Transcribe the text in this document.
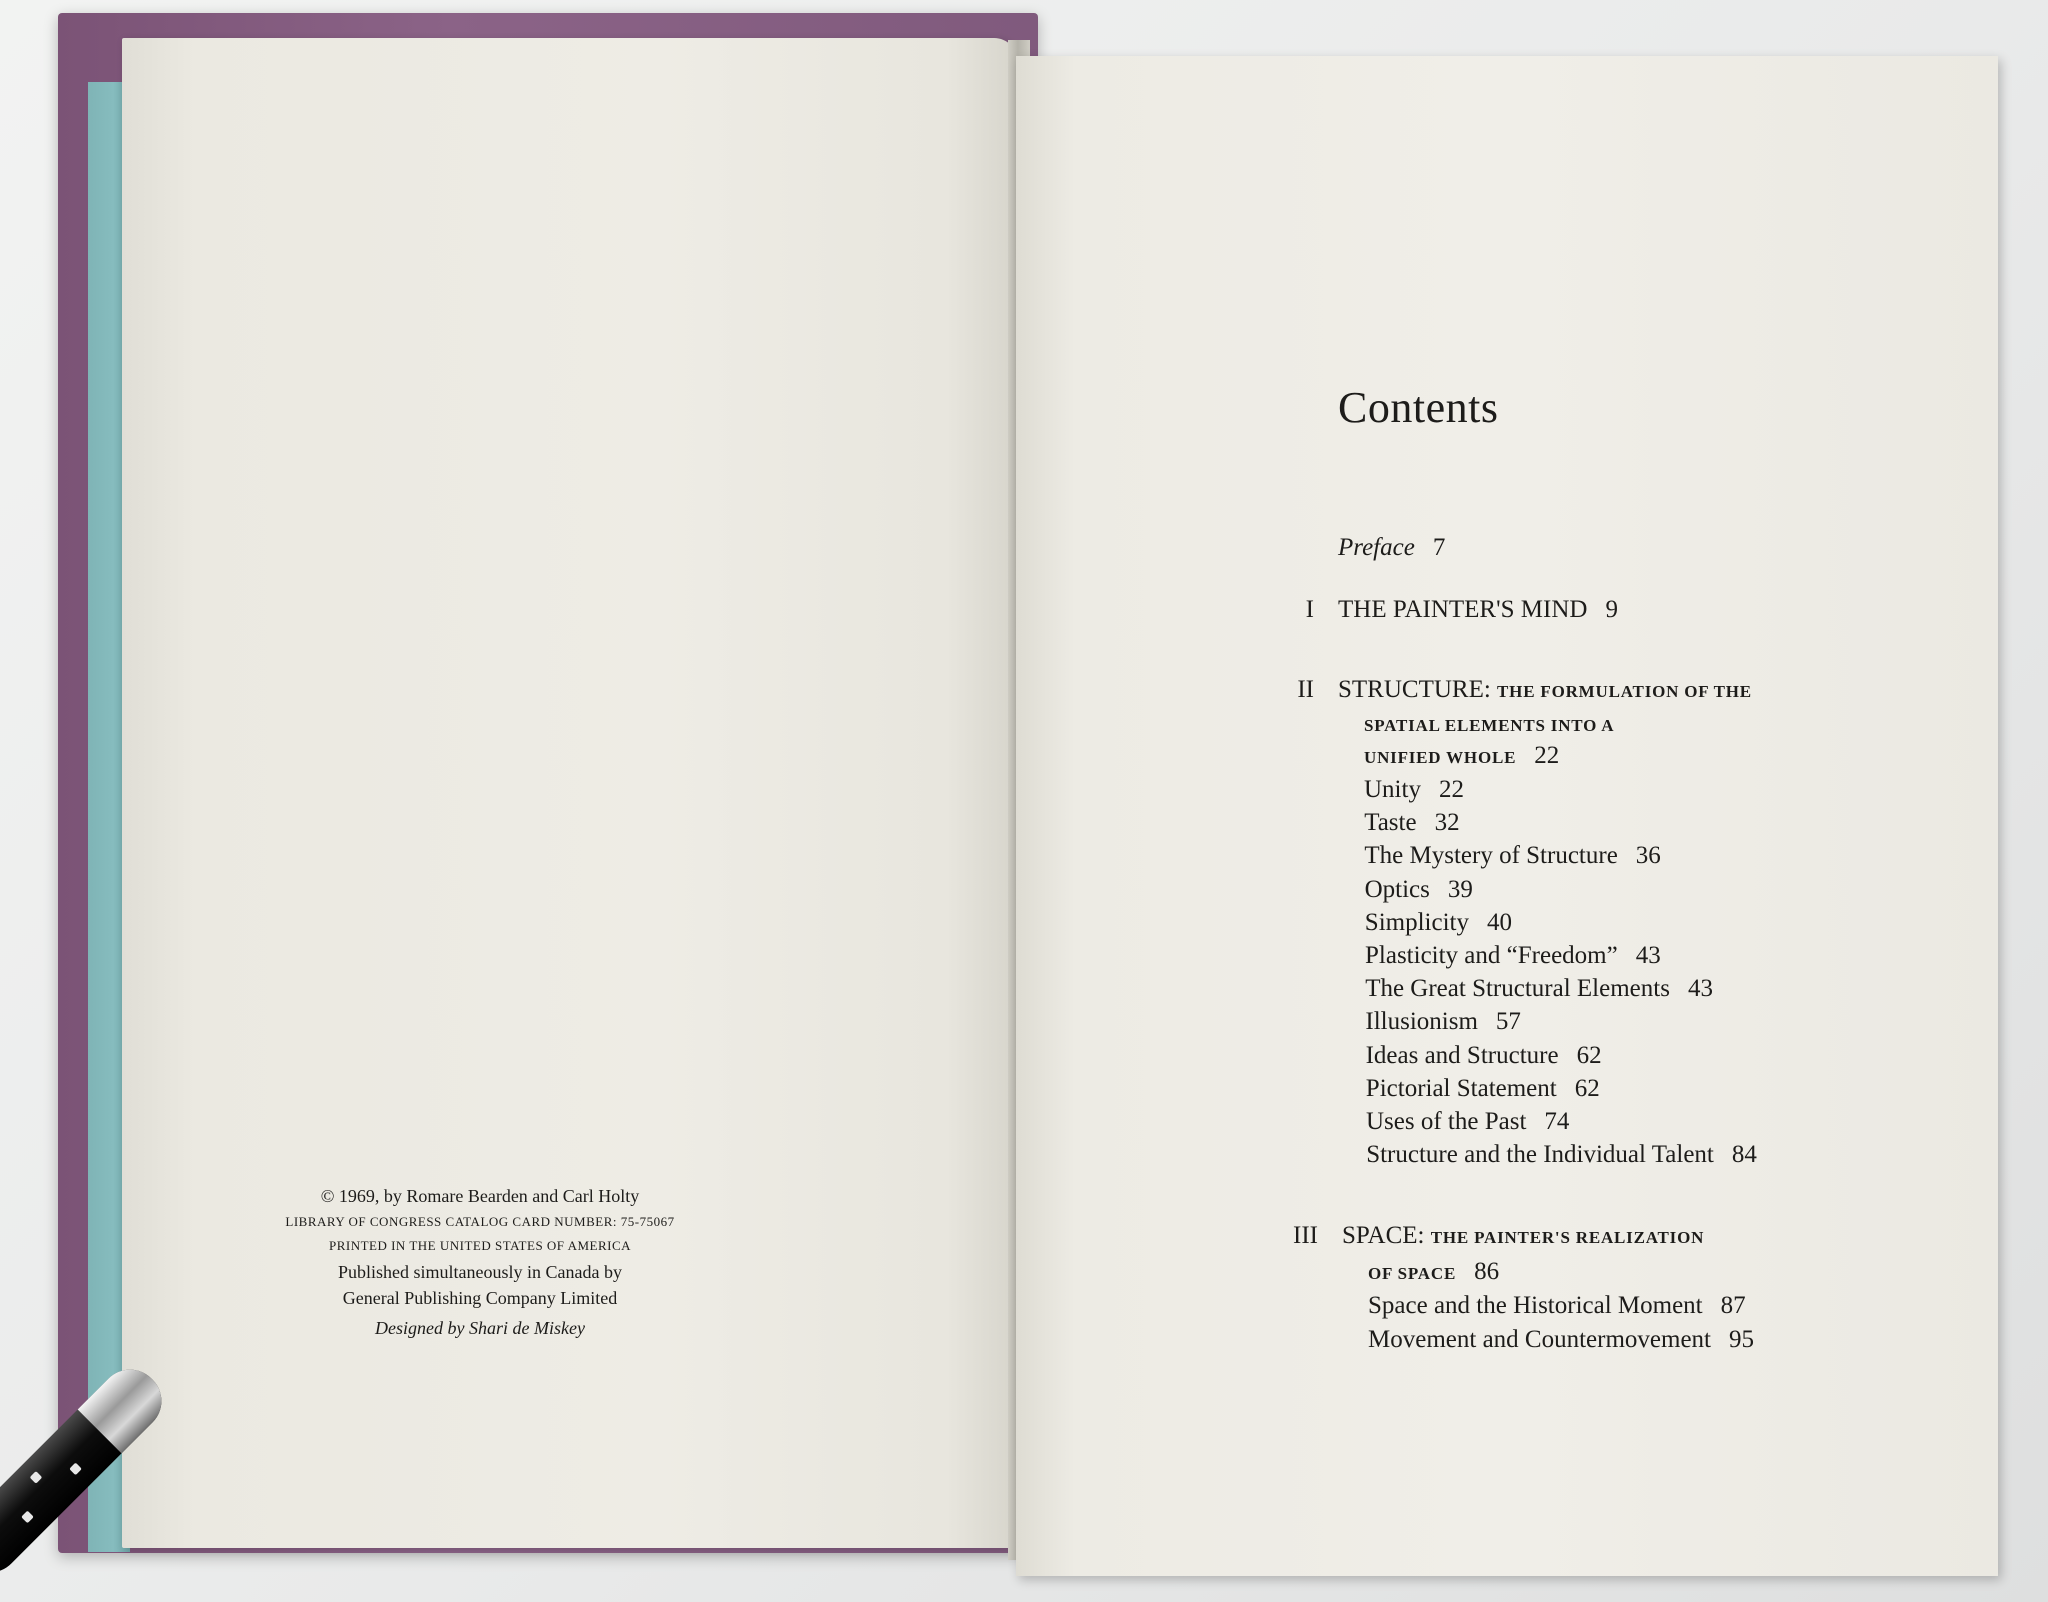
© 1969, by Romare Bearden and Carl Holty
LIBRARY OF CONGRESS CATALOG CARD NUMBER: 75-75067
PRINTED IN THE UNITED STATES OF AMERICA
Published simultaneously in Canada by
General Publishing Company Limited
Designed by Shari de Miskey
Contents
Preface 7
I THE PAINTER'S MIND 9
II STRUCTURE: THE FORMULATION OF THE
SPATIAL ELEMENTS INTO A
UNIFIED WHOLE 22
Unity 22
Taste 32
The Mystery of Structure 36
Optics 39
Simplicity 40
Plasticity and “Freedom” 43
The Great Structural Elements 43
Illusionism 57
Ideas and Structure 62
Pictorial Statement 62
Uses of the Past 74
Structure and the Individual Talent 84
III SPACE: THE PAINTER'S REALIZATION
OF SPACE 86
Space and the Historical Moment 87
Movement and Countermovement 95
